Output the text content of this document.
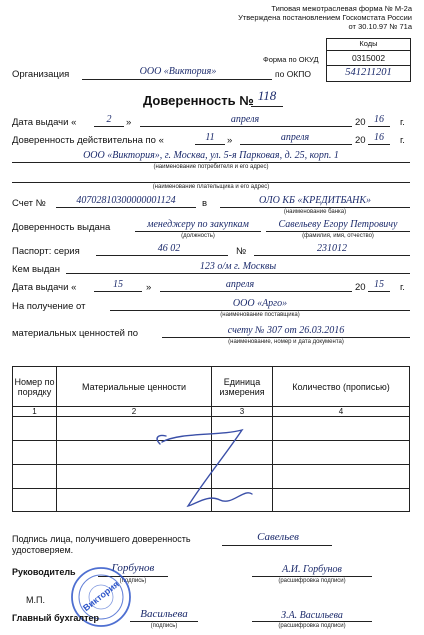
Типовая межотраслевая форма № М-2а
Утверждена постановлением Госкомстата России
от 30.10.97 № 71а
Коды
Форма по ОКУД	0315002
по ОКПО	541211201
Организация	ООО «Виктория»
Доверенность № 118
Дата выдачи «	2	»	апреля	20 16	г.
Доверенность действительна по «	11	»	апреля	20 16	г.
ООО «Виктория», г. Москва, ул. 5-я Парковая, д. 25, корп. 1
(наименование потребителя и его адрес)
(наименование плательщика и его адрес)
Счет №	40702810300000001124	в	ОЛО КБ «КРЕДИТБАНК»
(наименование банка)
Доверенность выдана	менеджеру по закупкам
(должность)
Савельеву Егору Петровичу
(фамилия, имя, отчество)
Паспорт: серия	46 02	№	231012
Кем выдан	123 о/м г. Москвы
Дата выдачи «	15	»	апреля	20 15	г.
На получение от	ООО «Арго»
(наименование поставщика)
материальных ценностей по	счету № 307 от 26.03.2016
(наименование, номер и дата документа)
Номер по порядку	Материальные ценности	Единица измерения	Количество (прописью)
1	2	3	4

Подпись лица, получившего доверенность
удостоверяем.
Савельев
Руководитель	Горбунов
(подпись)
А.И. Горбунов
(расшифровка подписи)
М.П.	Виктория
Главный бухгалтер	Васильева
(подпись)
З.А. Васильева
(расшифровка подписи)
